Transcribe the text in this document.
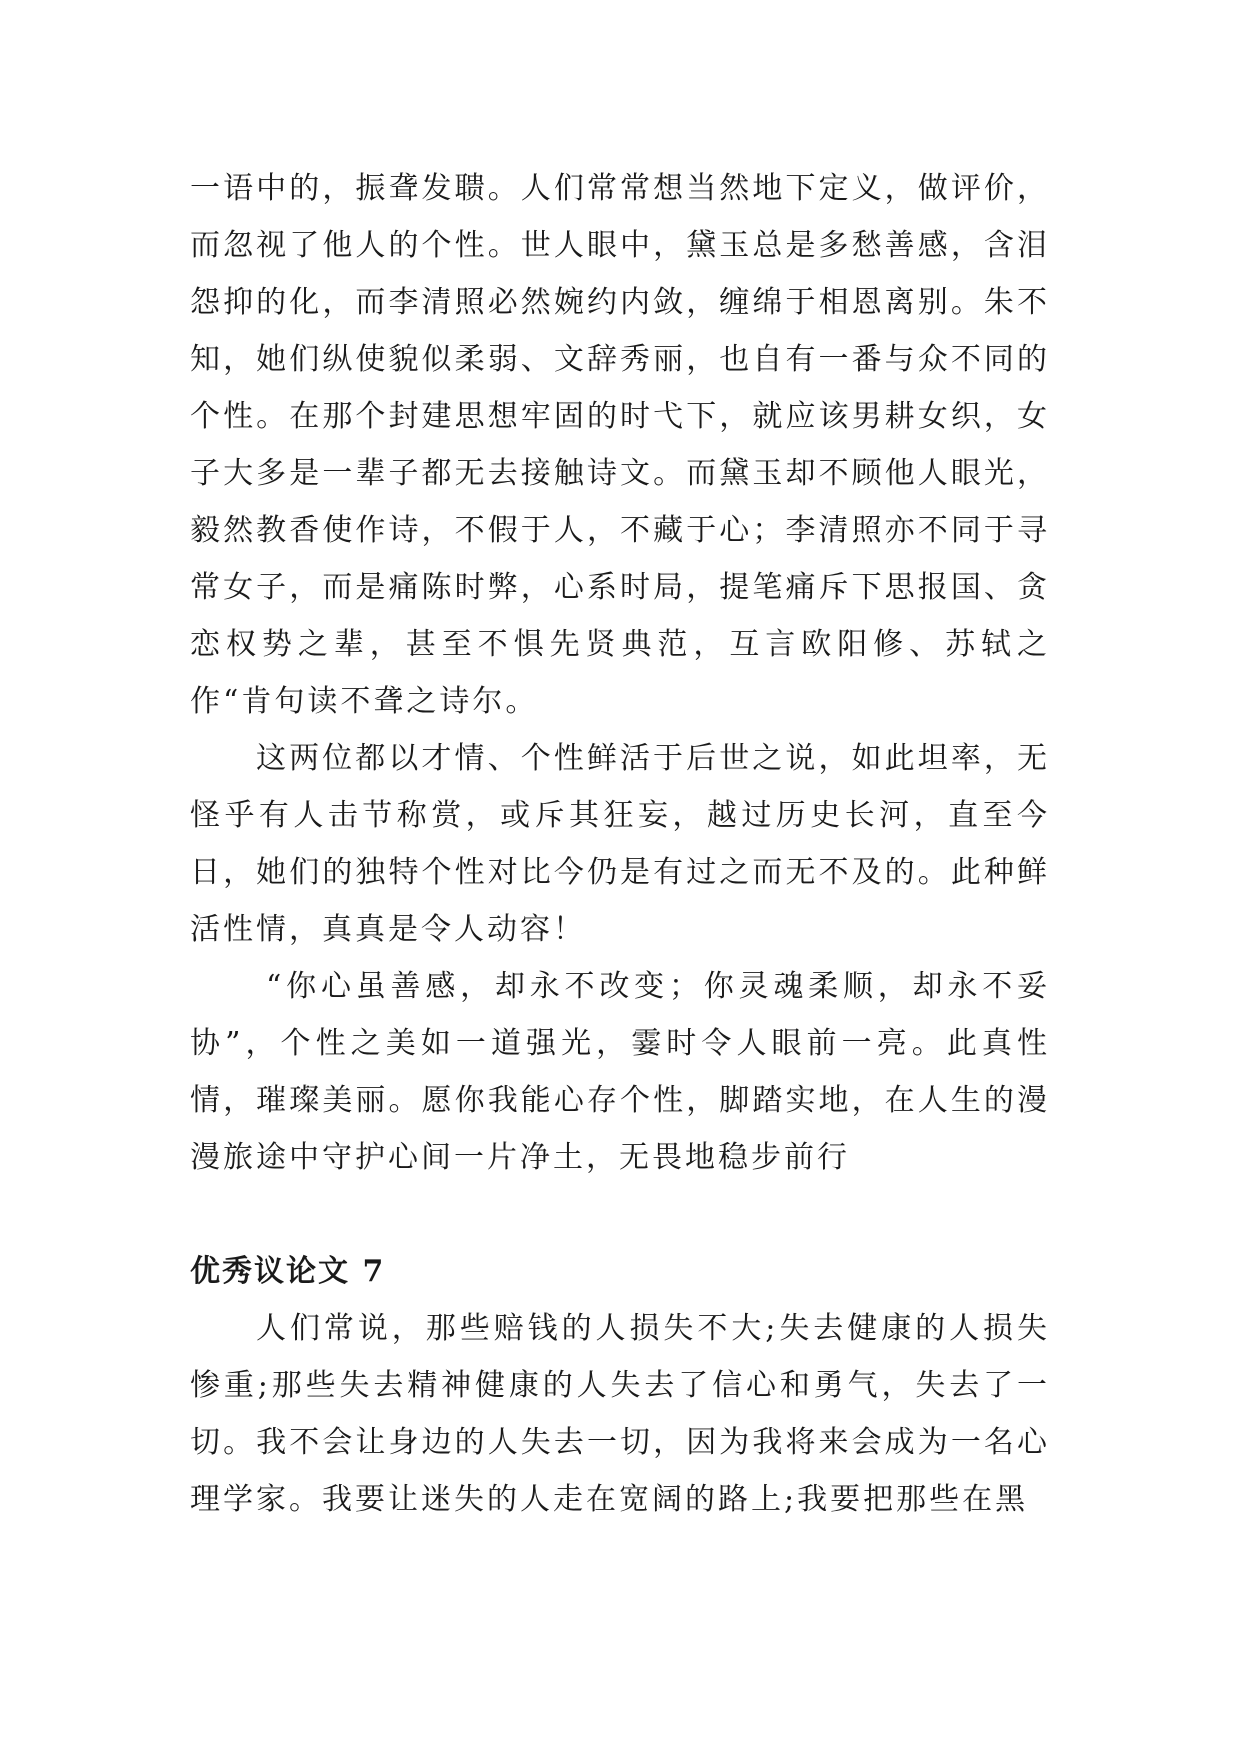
一语中的，振聋发聩。人们常常想当然地下定义，做评价，而忽视了他人的个性。世人眼中，黛玉总是多愁善感，含泪怨抑的化，而李清照必然婉约内敛，缠绵于相恩离别。朱不知，她们纵使貌似柔弱、文辞秀丽，也自有一番与众不同的个性。在那个封建思想牢固的时弋下，就应该男耕女织，女子大多是一辈子都无去接触诗文。而黛玉却不顾他人眼光，毅然教香使作诗，不假于人，不藏于心；李清照亦不同于寻常女子，而是痛陈时弊，心系时局，提笔痛斥下思报国、贪恋权势之辈，甚至不惧先贤典范，互言欧阳修、苏轼之作“肯句读不聋之诗尔。

这两位都以才情、个性鲜活于后世之说，如此坦率，无怪乎有人击节称赏，或斥其狂妄，越过历史长河，直至今日，她们的独特个性对比今仍是有过之而无不及的。此种鲜活性情，真真是令人动容！

“你心虽善感，却永不改变；你灵魂柔顺，却永不妥协”，个性之美如一道强光，霎时令人眼前一亮。此真性情，璀璨美丽。愿你我能心存个性，脚踏实地，在人生的漫漫旅途中守护心间一片净土，无畏地稳步前行

优秀议论文 7

人们常说，那些赔钱的人损失不大;失去健康的人损失惨重;那些失去精神健康的人失去了信心和勇气，失去了一切。我不会让身边的人失去一切，因为我将来会成为一名心理学家。我要让迷失的人走在宽阔的路上;我要把那些在黑
